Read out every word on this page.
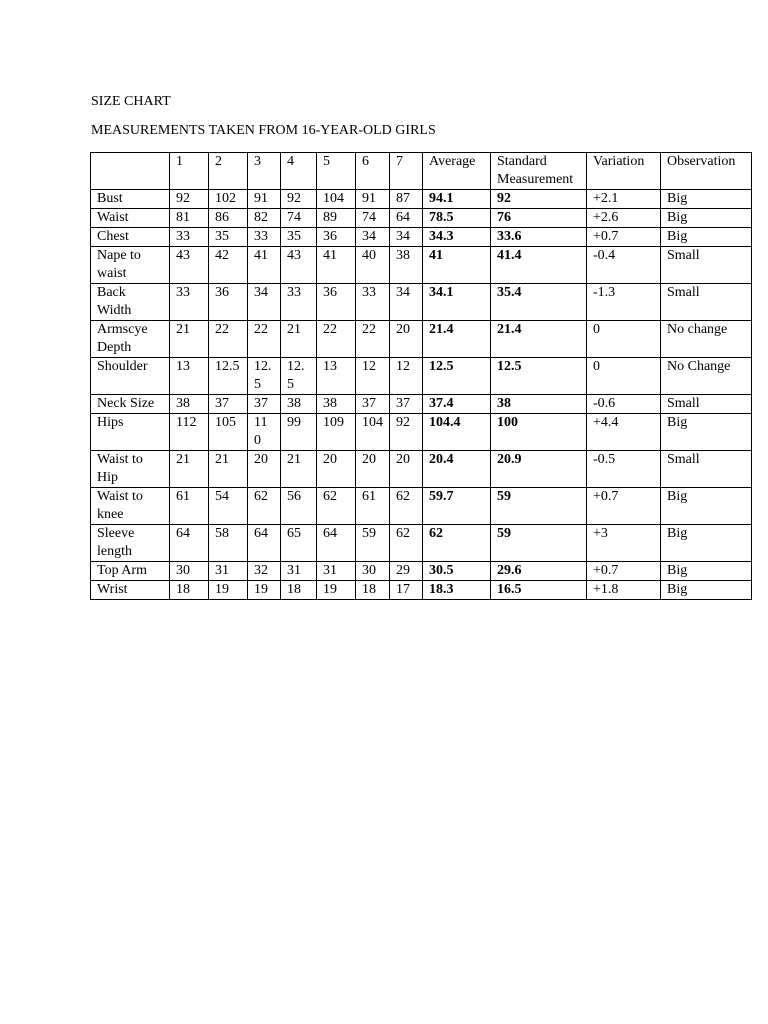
SIZE CHART
MEASUREMENTS TAKEN FROM 16-YEAR-OLD GIRLS
	1	2	3	4	5	6	7	Average	Standard Measurement	Variation	Observation
Bust	92	102	91	92	104	91	87	94.1	92	+2.1	Big
Waist	81	86	82	74	89	74	64	78.5	76	+2.6	Big
Chest	33	35	33	35	36	34	34	34.3	33.6	+0.7	Big
Nape to waist	43	42	41	43	41	40	38	41	41.4	-0.4	Small
Back Width	33	36	34	33	36	33	34	34.1	35.4	-1.3	Small
Armscye Depth	21	22	22	21	22	22	20	21.4	21.4	0	No change
Shoulder	13	12.5	12.5	12.5	13	12	12	12.5	12.5	0	No Change
Neck Size	38	37	37	38	38	37	37	37.4	38	-0.6	Small
Hips	112	105	110	99	109	104	92	104.4	100	+4.4	Big
Waist to Hip	21	21	20	21	20	20	20	20.4	20.9	-0.5	Small
Waist to knee	61	54	62	56	62	61	62	59.7	59	+0.7	Big
Sleeve length	64	58	64	65	64	59	62	62	59	+3	Big
Top Arm	30	31	32	31	31	30	29	30.5	29.6	+0.7	Big
Wrist	18	19	19	18	19	18	17	18.3	16.5	+1.8	Big
